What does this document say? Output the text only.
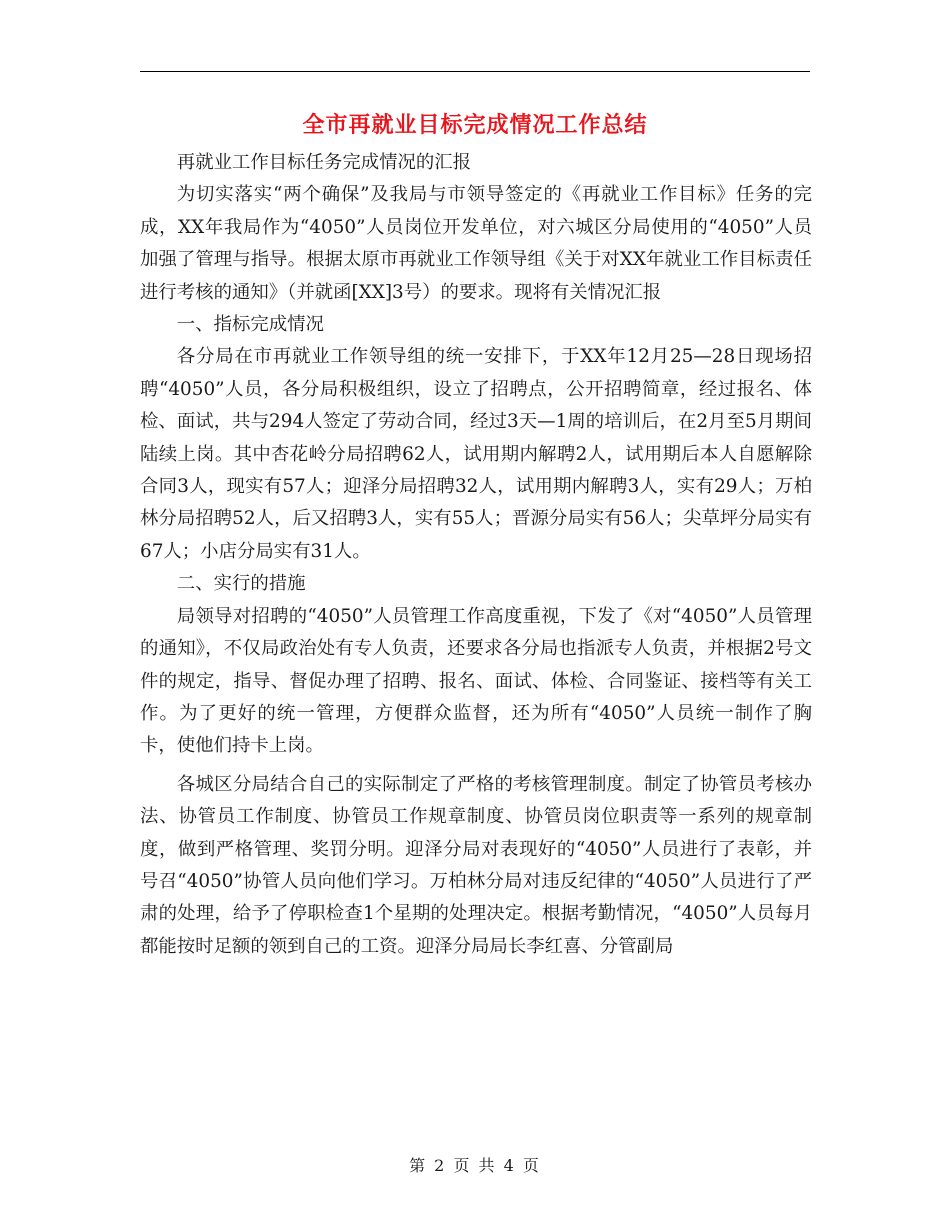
全市再就业目标完成情况工作总结

再就业工作目标任务完成情况的汇报

为切实落实“两个确保”及我局与市领导签定的《再就业工作目标》任务的完成，XX年我局作为“4050”人员岗位开发单位，对六城区分局使用的“4050”人员加强了管理与指导。根据太原市再就业工作领导组《关于对XX年就业工作目标责任进行考核的通知》（并就函[XX]3号）的要求。现将有关情况汇报

一、指标完成情况

各分局在市再就业工作领导组的统一安排下，于XX年12月25—28日现场招聘“4050”人员，各分局积极组织，设立了招聘点，公开招聘简章，经过报名、体检、面试，共与294人签定了劳动合同，经过3天—1周的培训后，在2月至5月期间陆续上岗。其中杏花岭分局招聘62人，试用期内解聘2人，试用期后本人自愿解除合同3人，现实有57人；迎泽分局招聘32人，试用期内解聘3人，实有29人；万柏林分局招聘52人，后又招聘3人，实有55人；晋源分局实有56人；尖草坪分局实有67人；小店分局实有31人。

二、实行的措施

局领导对招聘的“4050”人员管理工作高度重视，下发了《对“4050”人员管理的通知》，不仅局政治处有专人负责，还要求各分局也指派专人负责，并根据2号文件的规定，指导、督促办理了招聘、报名、面试、体检、合同鉴证、接档等有关工作。为了更好的统一管理，方便群众监督，还为所有“4050”人员统一制作了胸卡，使他们持卡上岗。

各城区分局结合自己的实际制定了严格的考核管理制度。制定了协管员考核办法、协管员工作制度、协管员工作规章制度、协管员岗位职责等一系列的规章制度，做到严格管理、奖罚分明。迎泽分局对表现好的“4050”人员进行了表彰，并号召“4050”协管人员向他们学习。万柏林分局对违反纪律的“4050”人员进行了严肃的处理，给予了停职检查1个星期的处理决定。根据考勤情况，“4050”人员每月都能按时足额的领到自己的工资。迎泽分局局长李红喜、分管副局

第 2 页 共 4 页
